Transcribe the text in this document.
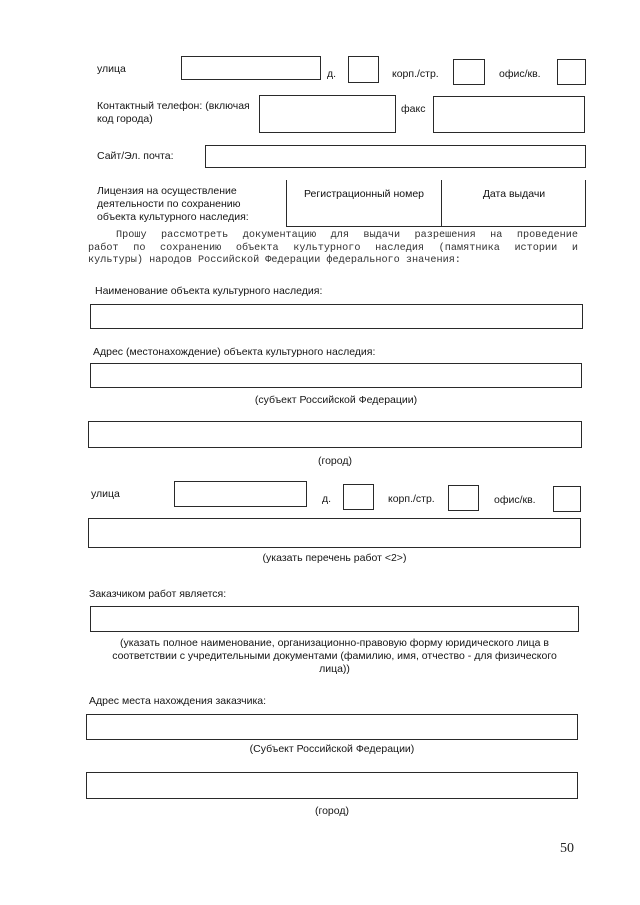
улица	д.	корп./стр.	офис/кв.
Контактный телефон: (включая код города)
факс
Сайт/Эл. почта:
Лицензия на осуществление деятельности по сохранению объекта культурного наследия:
Регистрационный номер	Дата выдачи
Прошу рассмотреть документацию для выдачи разрешения на проведение
работ по сохранению объекта культурного наследия (памятника истории и
культуры) народов Российской Федерации федерального значения:
Наименование объекта культурного наследия:
Адрес (местонахождение) объекта культурного наследия:
(субъект Российской Федерации)
(город)
улица	д.	корп./стр.	офис/кв.
(указать перечень работ <2>)
Заказчиком работ является:
(указать полное наименование, организационно-правовую форму юридического лица в
соответствии с учредительными документами (фамилию, имя, отчество - для физического
лица))
Адрес места нахождения заказчика:
(Субъект Российской Федерации)
(город)
50
